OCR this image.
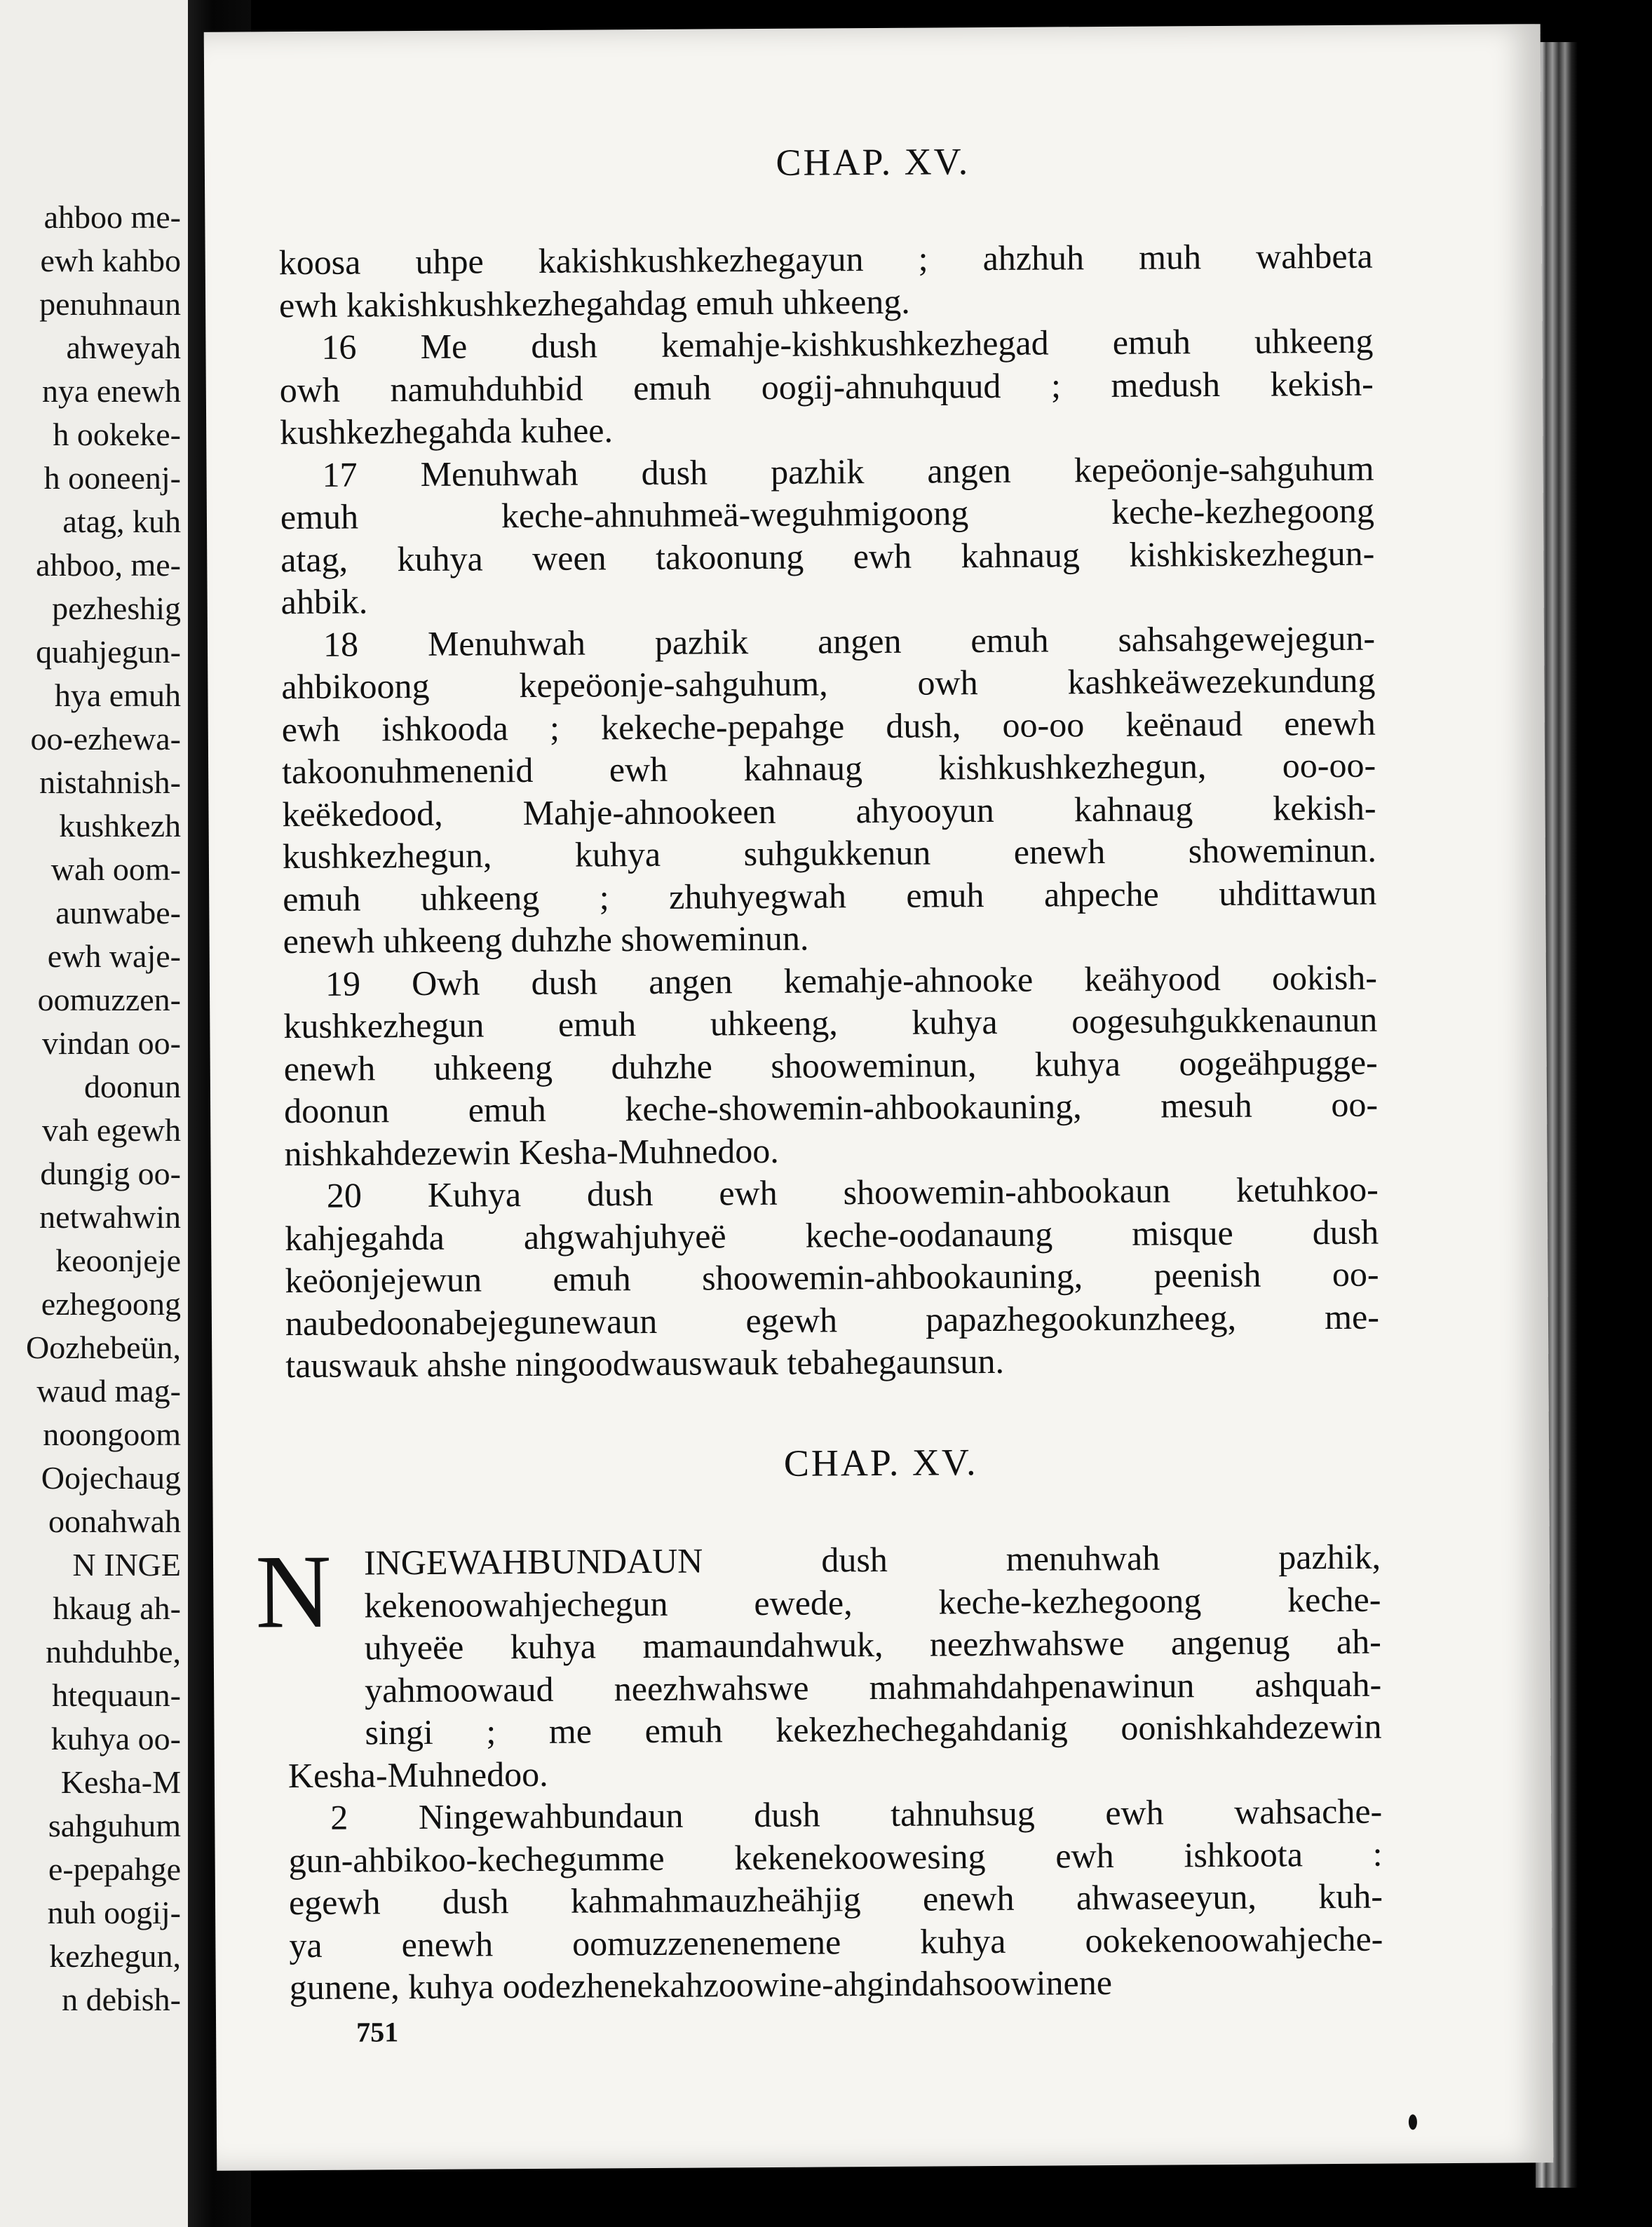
ahboo me-
ewh kahbo
penuhnaun
ahweyah
nya enewh
h ookeke-
h ooneenj-
atag, kuh
ahboo, me-
pezheshig
quahjegun-
hya emuh
oo-ezhewa-
nistahnish-
kushkezh
wah oom-
aunwabe-
ewh waje-
oomuzzen-
vindan oo-
doonun
vah egewh
dungig oo-
netwahwin
keoonjeje
ezhegoong
Oozhebeün,
waud mag-
noongoom
Oojechaug
oonahwah
N INGE
hkaug ah-
nuhduhbe,
htequaun-
kuhya oo-
Kesha-M
sahguhum
e-pepahge
nuh oogij-
kezhegun,
n debish-
CHAP. XV.
koosa uhpe kakishkushkezhegayun ; ahzhuh muh wahbeta
ewh kakishkushkezhegahdag emuh uhkeeng.
16 Me dush kemahje-kishkushkezhegad emuh uhkeeng
owh namuhduhbid emuh oogij-ahnuhquud ; medush kekish-
kushkezhegahda kuhee.
17 Menuhwah dush pazhik angen kepeöonje-sahguhum
emuh keche-ahnuhmeä-weguhmigoong keche-kezhegoong
atag, kuhya ween takoonung ewh kahnaug kishkiskezhegun-
ahbik.
18 Menuhwah pazhik angen emuh sahsahgewejegun-
ahbikoong kepeöonje-sahguhum, owh kashkeäwezekundung
ewh ishkooda ; kekeche-pepahge dush, oo-oo keënaud enewh
takoonuhmenenid ewh kahnaug kishkushkezhegun, oo-oo-
keëkedood, Mahje-ahnookeen ahyooyun kahnaug kekish-
kushkezhegun, kuhya suhgukkenun enewh showeminun.
emuh uhkeeng ; zhuhyegwah emuh ahpeche uhdittawun
enewh uhkeeng duhzhe showeminun.
19 Owh dush angen kemahje-ahnooke keähyood ookish-
kushkezhegun emuh uhkeeng, kuhya oogesuhgukkenaunun
enewh uhkeeng duhzhe shooweminun, kuhya oogeähpugge-
doonun emuh keche-showemin-ahbookauning, mesuh oo-
nishkahdezewin Kesha-Muhnedoo.
20 Kuhya dush ewh shoowemin-ahbookaun ketuhkoo-
kahjegahda ahgwahjuhyeë keche-oodanaung misque dush
keöonjejewun emuh shoowemin-ahbookauning, peenish oo-
naubedoonabejegunewaun egewh papazhegookunzheeg, me-
tauswauk ahshe ningoodwauswauk tebahegaunsun.
CHAP. XV.
N INGEWAHBUNDAUN dush menuhwah pazhik,
kekenoowahjechegun ewede, keche-kezhegoong keche-
uhyeëe kuhya mamaundahwuk, neezhwahswe angenug ah-
yahmoowaud neezhwahswe mahmahdahpenawinun ashquah-
singi ; me emuh kekezhechegahdanig oonishkahdezewin
Kesha-Muhnedoo.
2 Ningewahbundaun dush tahnuhsug ewh wahsache-
gun-ahbikoo-kechegumme kekenekoowesing ewh ishkoota :
egewh dush kahmahmauzheähjig enewh ahwaseeyun, kuh-
ya enewh oomuzzenenemene kuhya ookekenoowahjeche-
gunene, kuhya oodezhenekahzoowine-ahgindahsoowinene
751
